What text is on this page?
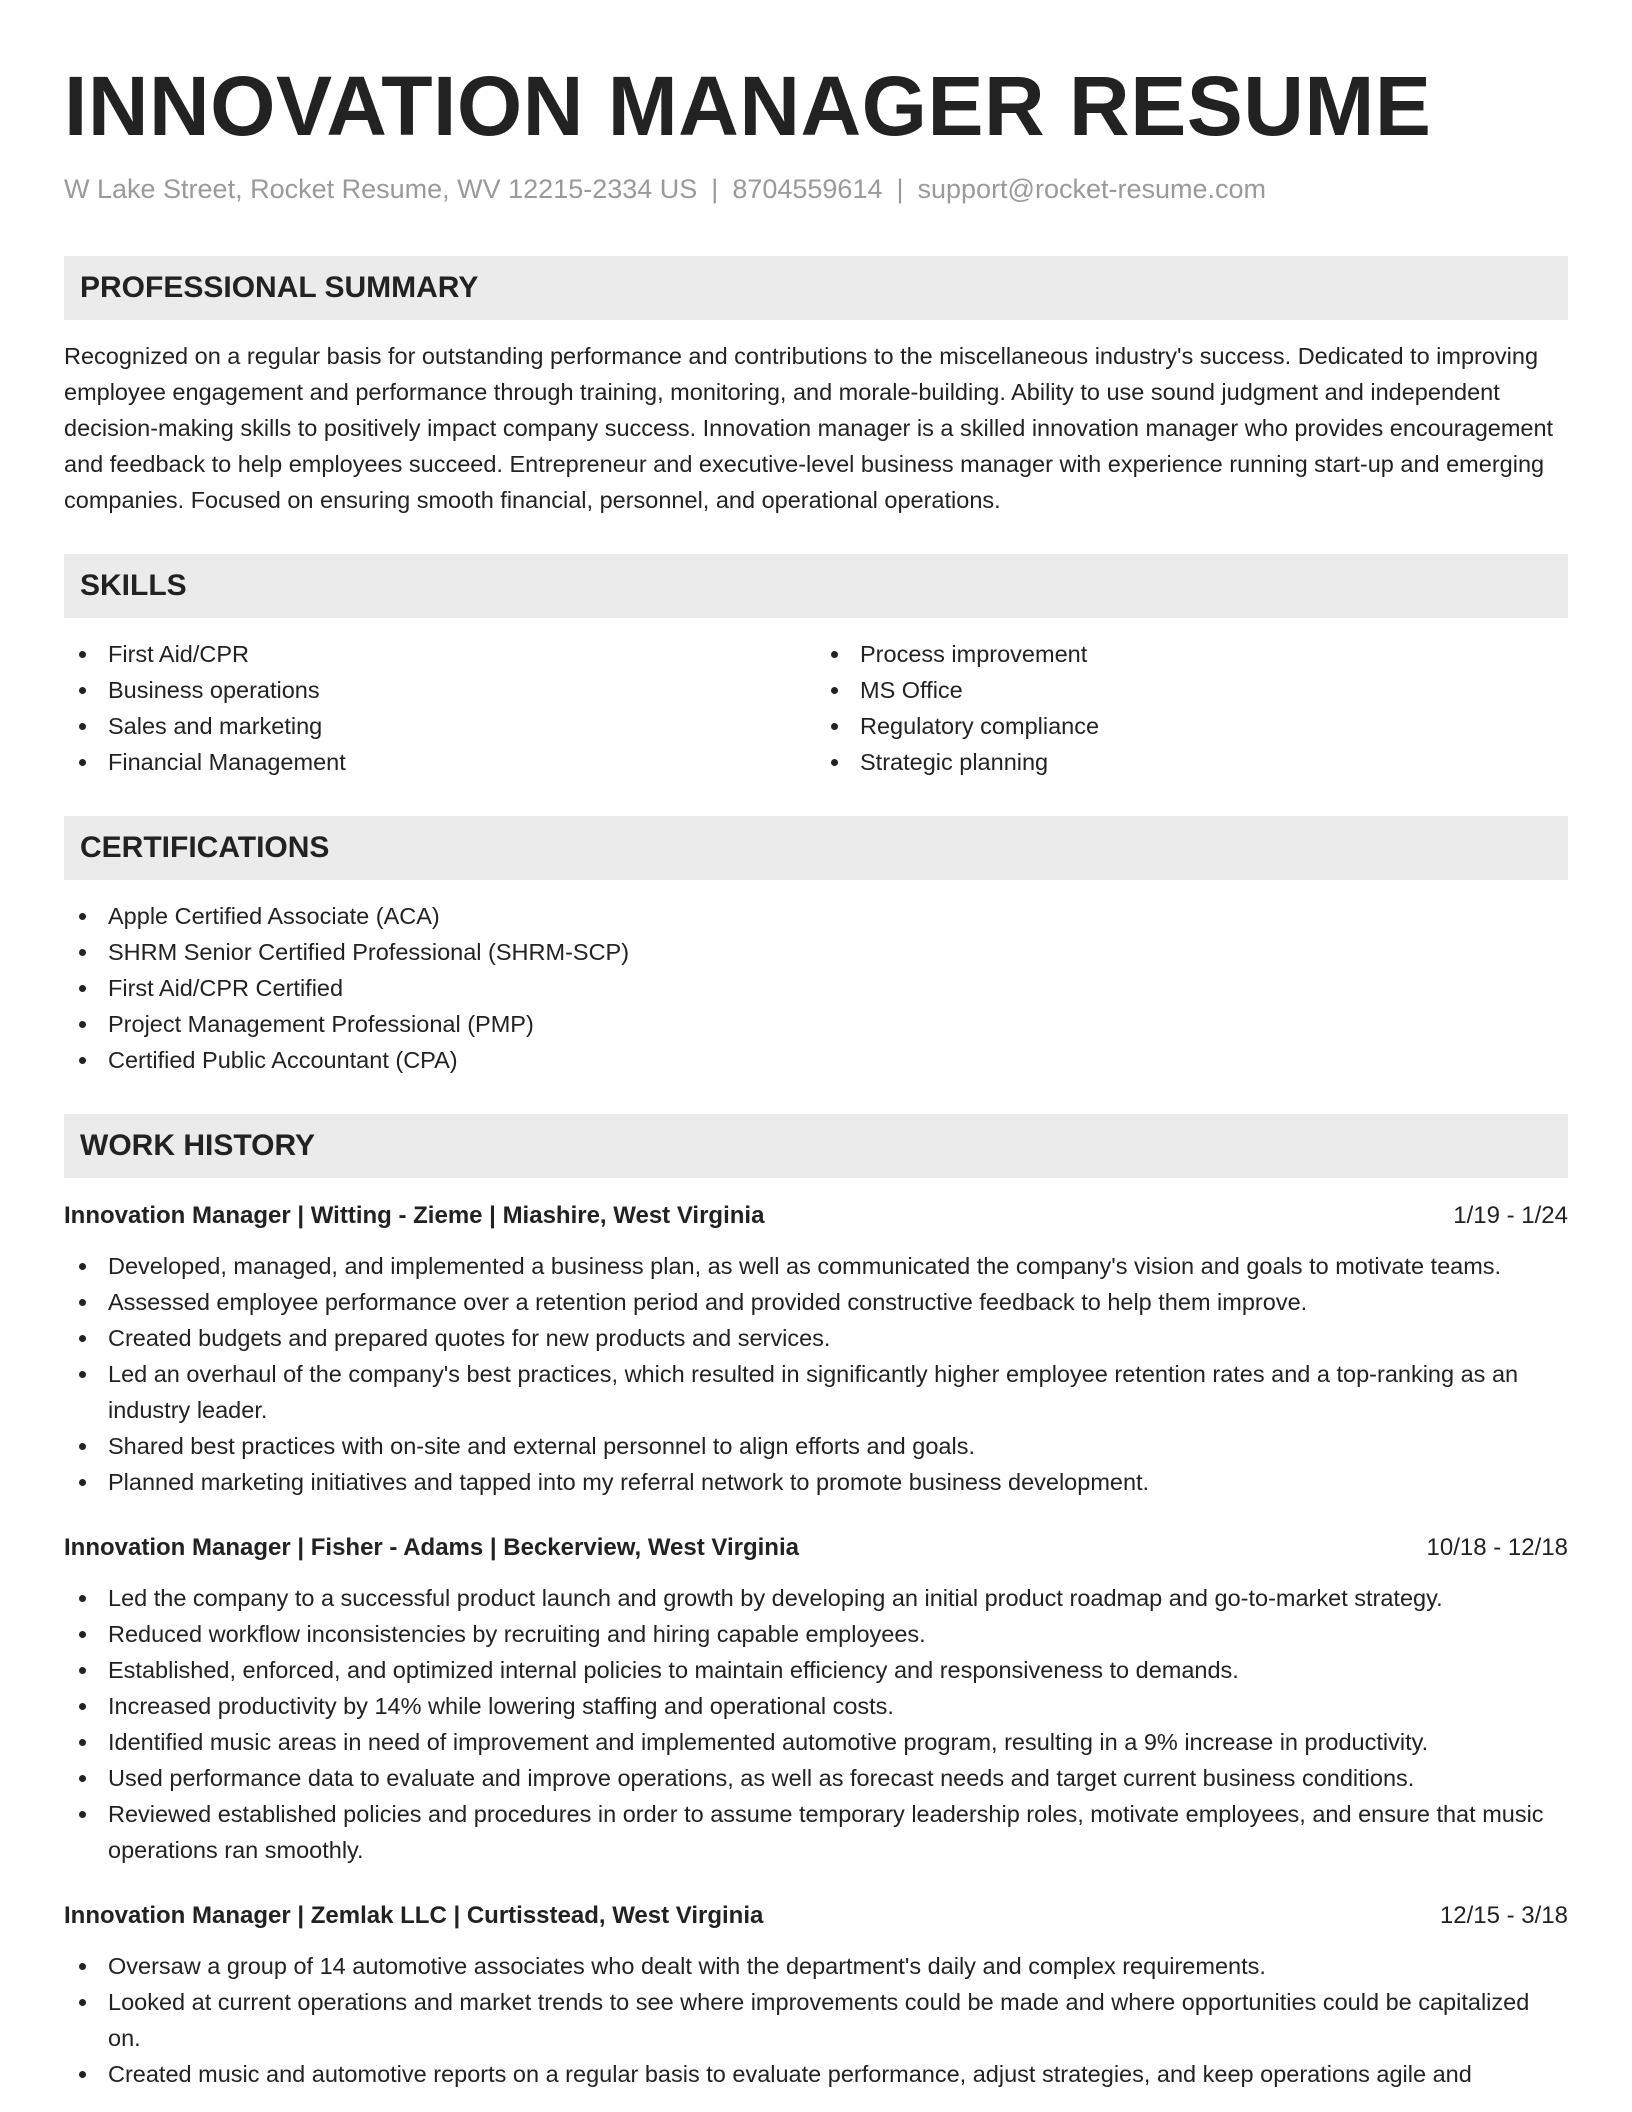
INNOVATION MANAGER RESUME
W Lake Street, Rocket Resume, WV 12215-2334 US | 8704559614 | support@rocket-resume.com
PROFESSIONAL SUMMARY

Recognized on a regular basis for outstanding performance and contributions to the miscellaneous industry's success. Dedicated to improving employee engagement and performance through training, monitoring, and morale-building. Ability to use sound judgment and independent decision-making skills to positively impact company success. Innovation manager is a skilled innovation manager who provides encouragement and feedback to help employees succeed. Entrepreneur and executive-level business manager with experience running start-up and emerging companies. Focused on ensuring smooth financial, personnel, and operational operations.

SKILLS
First Aid/CPR
Business operations
Sales and marketing
Financial Management
Process improvement
MS Office
Regulatory compliance
Strategic planning
CERTIFICATIONS
Apple Certified Associate (ACA)
SHRM Senior Certified Professional (SHRM-SCP)
First Aid/CPR Certified
Project Management Professional (PMP)
Certified Public Accountant (CPA)
WORK HISTORY
Innovation Manager | Witting - Zieme | Miashire, West Virginia	1/19 - 1/24
Developed, managed, and implemented a business plan, as well as communicated the company's vision and goals to motivate teams.
Assessed employee performance over a retention period and provided constructive feedback to help them improve.
Created budgets and prepared quotes for new products and services.
Led an overhaul of the company's best practices, which resulted in significantly higher employee retention rates and a top-ranking as an industry leader.
Shared best practices with on-site and external personnel to align efforts and goals.
Planned marketing initiatives and tapped into my referral network to promote business development.
Innovation Manager | Fisher - Adams | Beckerview, West Virginia	10/18 - 12/18
Led the company to a successful product launch and growth by developing an initial product roadmap and go-to-market strategy.
Reduced workflow inconsistencies by recruiting and hiring capable employees.
Established, enforced, and optimized internal policies to maintain efficiency and responsiveness to demands.
Increased productivity by 14% while lowering staffing and operational costs.
Identified music areas in need of improvement and implemented automotive program, resulting in a 9% increase in productivity.
Used performance data to evaluate and improve operations, as well as forecast needs and target current business conditions.
Reviewed established policies and procedures in order to assume temporary leadership roles, motivate employees, and ensure that music operations ran smoothly.
Innovation Manager | Zemlak LLC | Curtisstead, West Virginia	12/15 - 3/18
Oversaw a group of 14 automotive associates who dealt with the department's daily and complex requirements.
Looked at current operations and market trends to see where improvements could be made and where opportunities could be capitalized on.
Created music and automotive reports on a regular basis to evaluate performance, adjust strategies, and keep operations agile and
